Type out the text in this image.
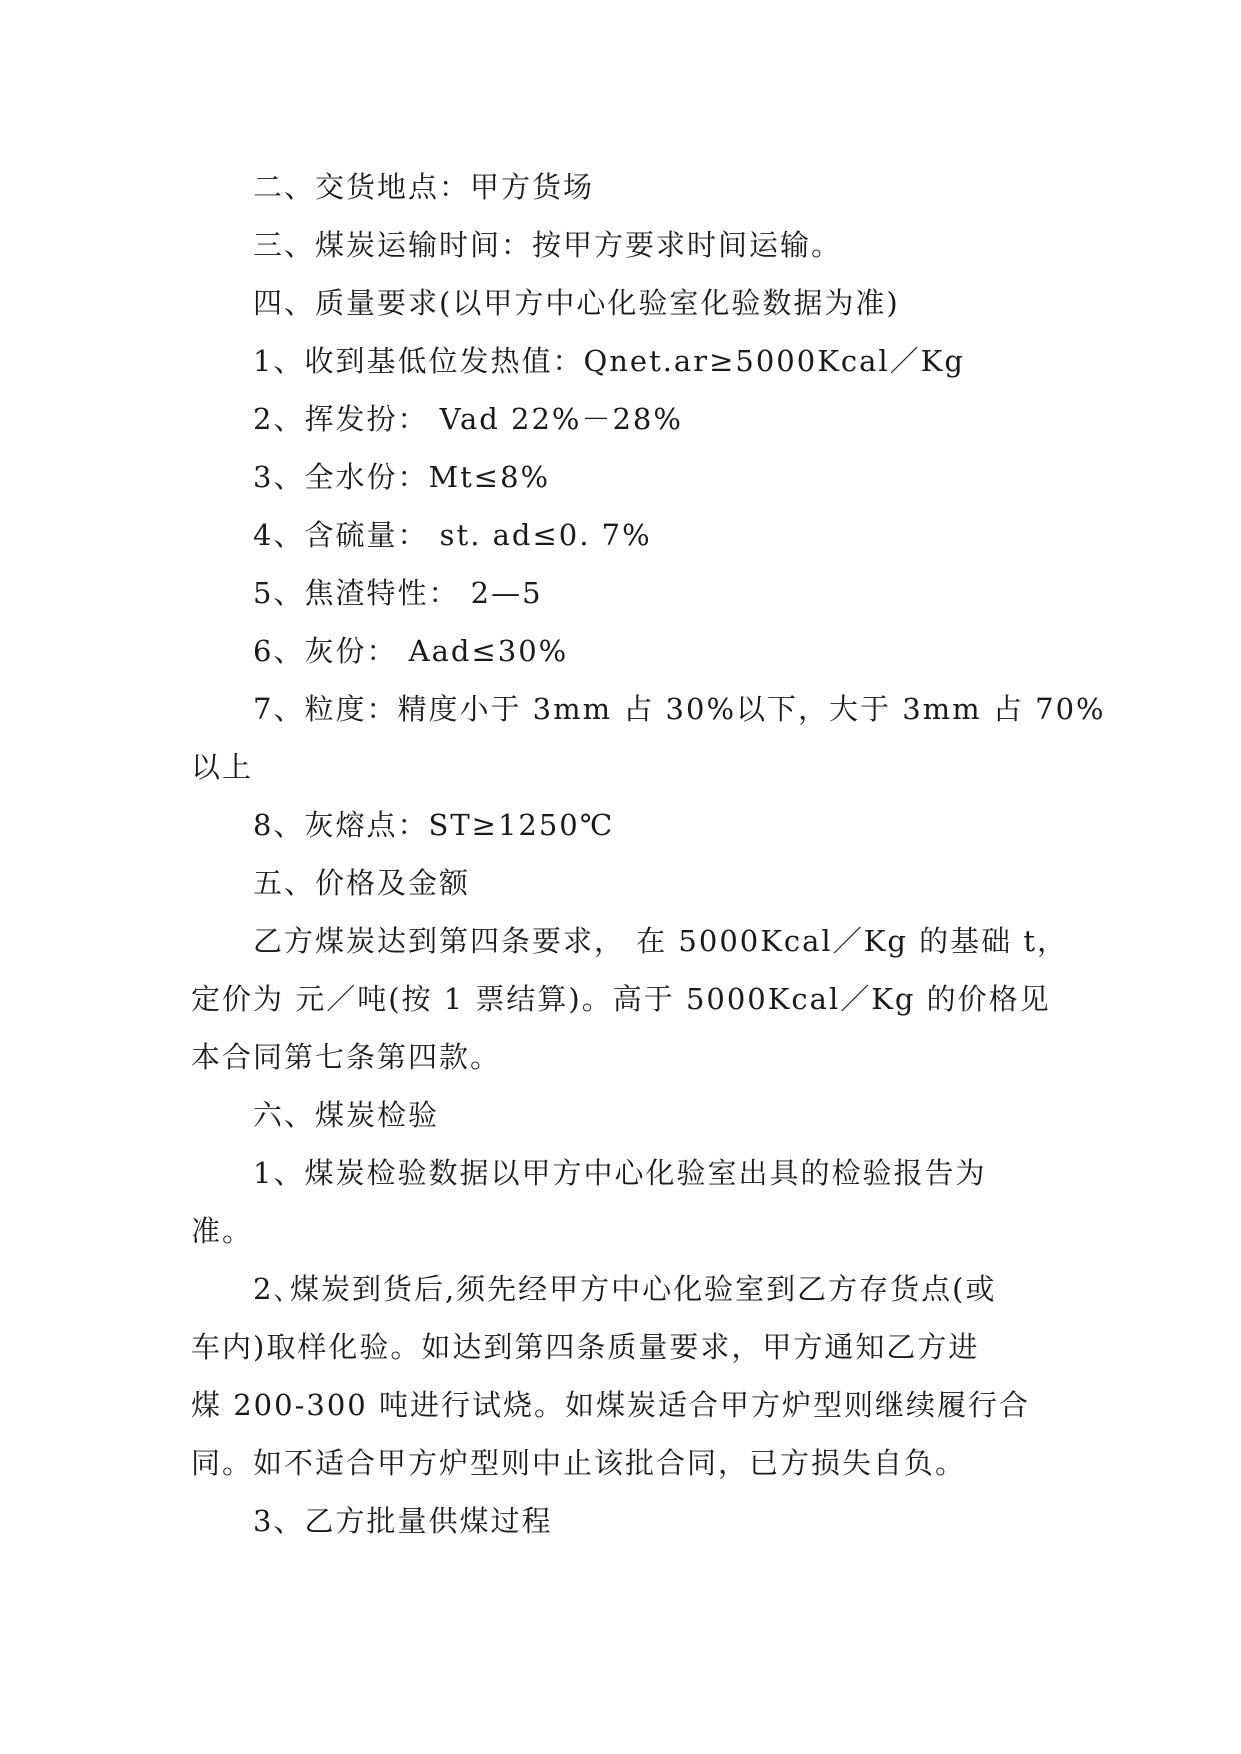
二、交货地点：甲方货场

三、煤炭运输时间：按甲方要求时间运输。

四、质量要求(以甲方中心化验室化验数据为准)

1、收到基低位发热值：Qnet.ar≥5000Kcal／Kg

2、挥发扮： Vad 22%－28%

3、全水份：Mt≤8%

4、含硫量： st. ad≤0. 7%

5、焦渣特性： 2—5

6、灰份： Aad≤30%

7、粒度：精度小于 3mm 占 30%以下，大于 3mm 占 70%
以上

8、灰熔点：ST≥1250℃

五、价格及金额

乙方煤炭达到第四条要求， 在 5000Kcal／Kg 的基础 t，
定价为 元／吨(按 1 票结算)。高于 5000Kcal／Kg 的价格见
本合同第七条第四款。

六、煤炭检验

1、煤炭检验数据以甲方中心化验室出具的检验报告为
准。
2､煤炭到货后,须先经甲方中心化验室到乙方存货点(或
车内)取样化验。如达到第四条质量要求，甲方通知乙方进
煤 200-300 吨进行试烧。如煤炭适合甲方炉型则继续履行合
同。如不适合甲方炉型则中止该批合同，已方损失自负。

3、乙方批量供煤过程
